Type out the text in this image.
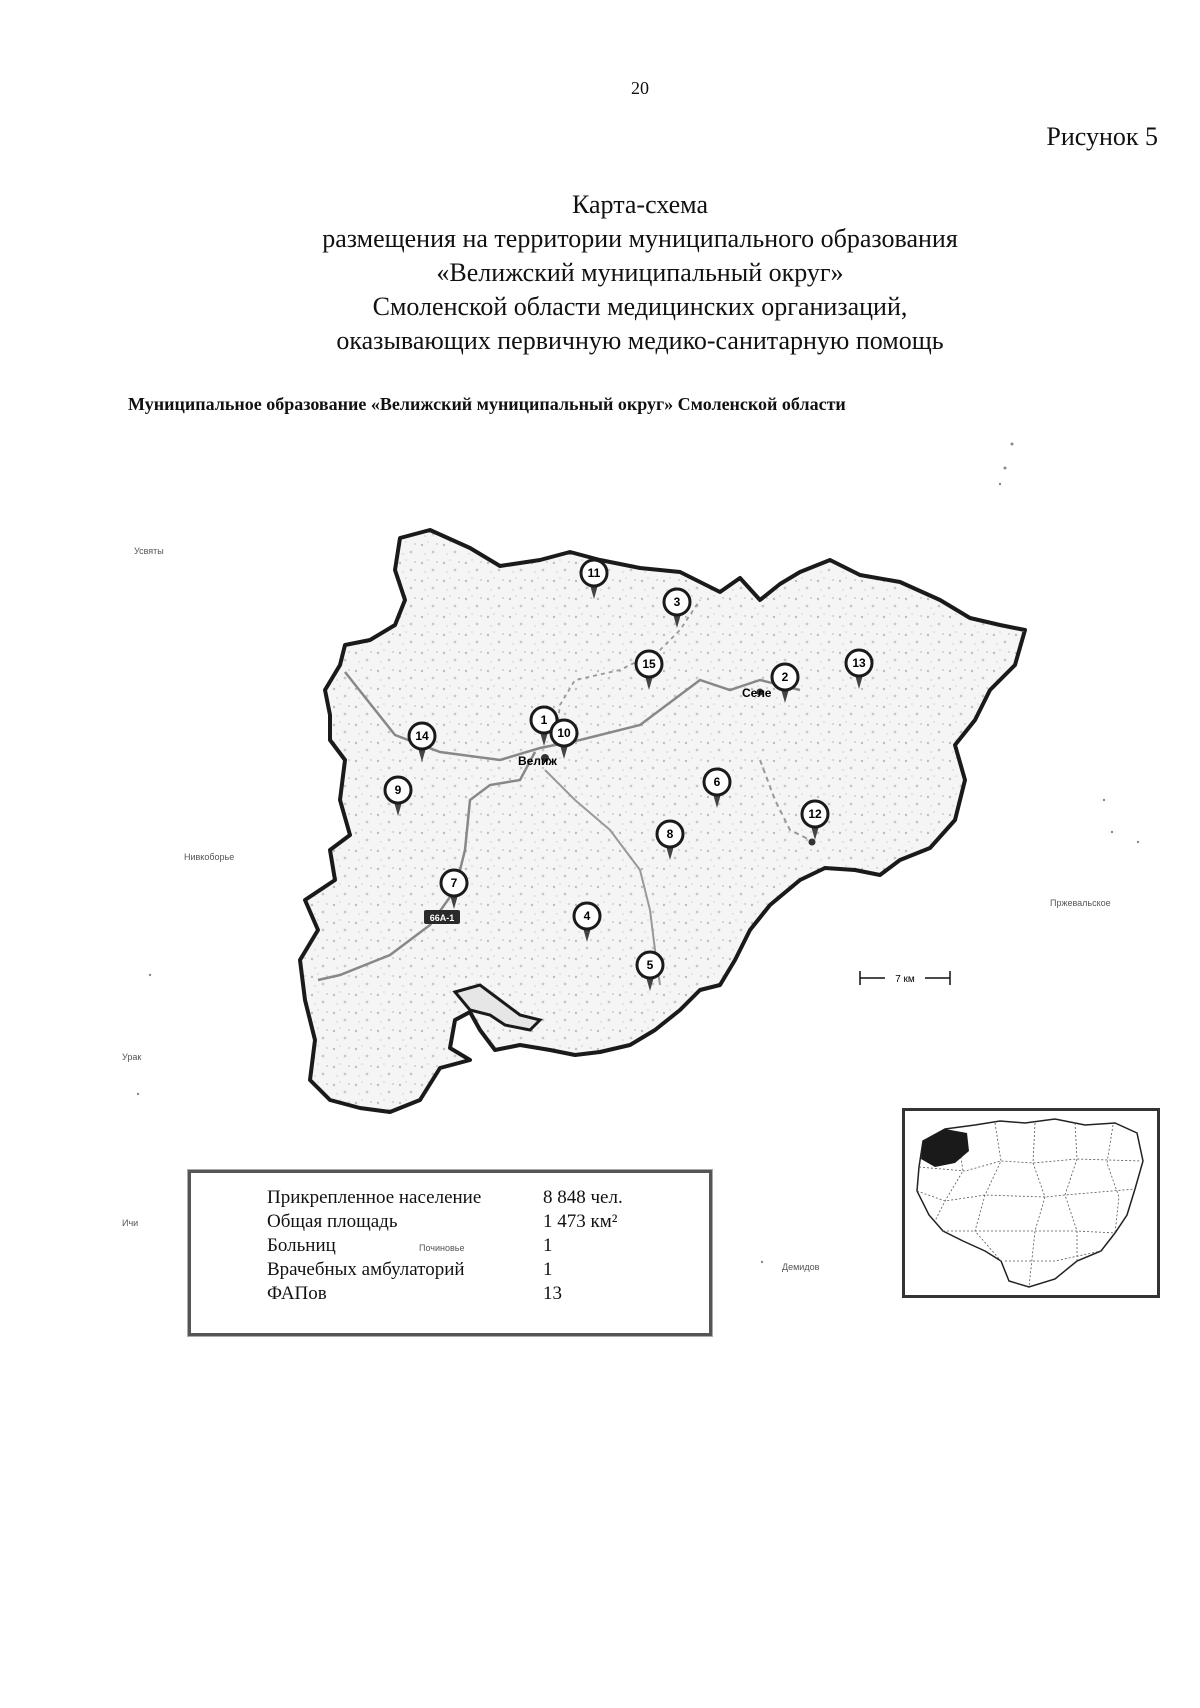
20
Рисунок 5
Карта-схема
размещения на территории муниципального образования
«Велижский муниципальный округ»
Смоленской области медицинских организаций,
оказывающих первичную медико-санитарную помощь
Муниципальное образование «Велижский муниципальный округ» Смоленской области
Усвяты
Нивкоборье
Пржевальское
Урак
Ичи
Демидов
Велиж
Селе
66А-1
1
2
3
4
5
6
7
8
9
10
11
12
13
14
15
7 км
Прикрепленное население	8 848 чел.
Общая площадь	1 473 км²
Больниц	Починовье	1
Врачебных амбулаторий	1
ФАПов	13
